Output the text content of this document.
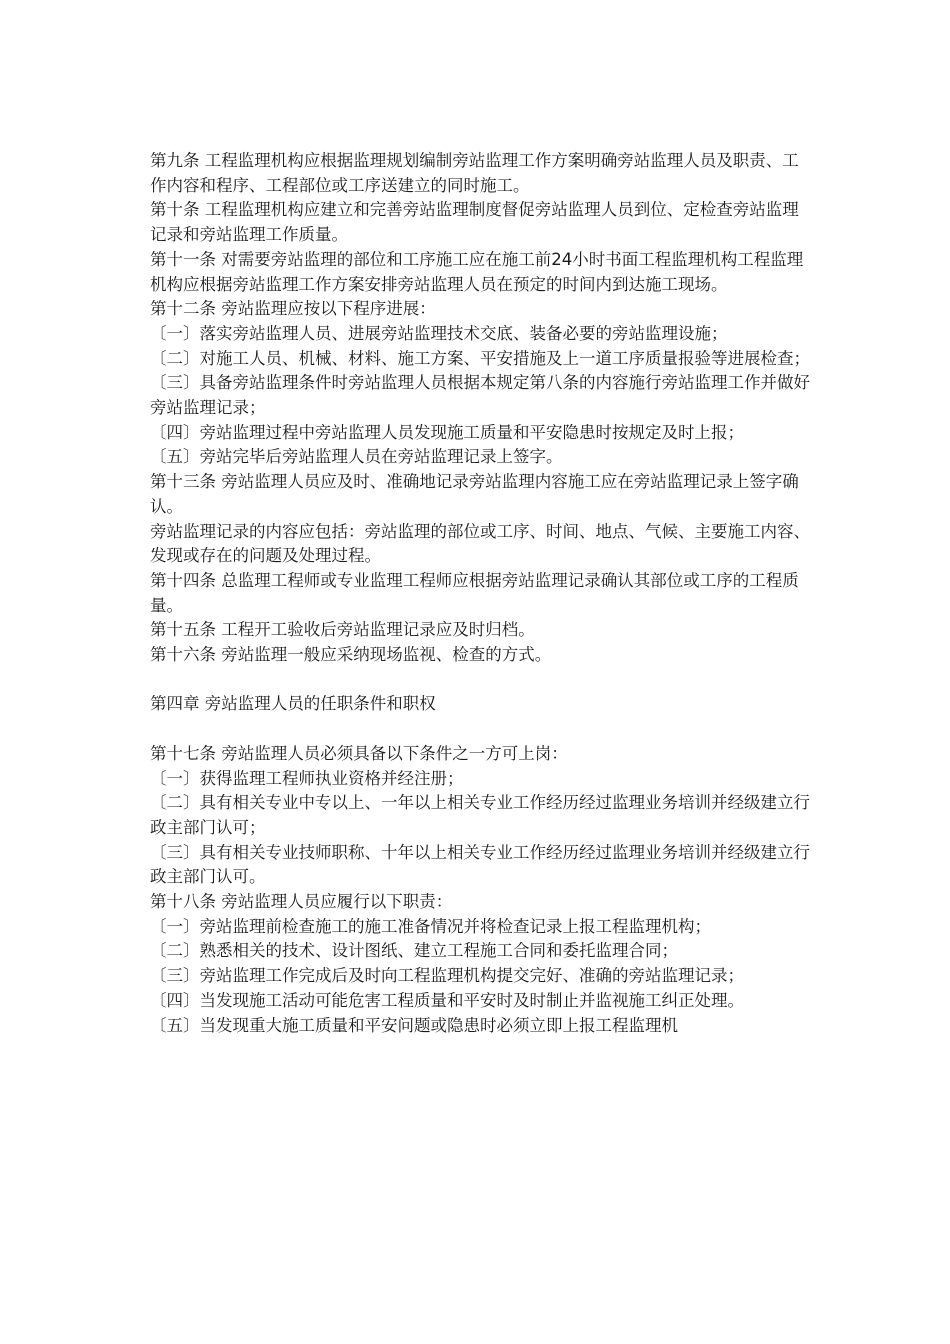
第九条 工程监理机构应根据监理规划编制旁站监理工作方案明确旁站监理人员及职责、工作内容和程序、工程部位或工序送建立的同时施工。

第十条 工程监理机构应建立和完善旁站监理制度督促旁站监理人员到位、定检查旁站监理记录和旁站监理工作质量。

第十一条 对需要旁站监理的部位和工序施工应在施工前24小时书面工程监理机构工程监理机构应根据旁站监理工作方案安排旁站监理人员在预定的时间内到达施工现场。

第十二条 旁站监理应按以下程序进展：

〔一〕落实旁站监理人员、进展旁站监理技术交底、装备必要的旁站监理设施；

〔二〕对施工人员、机械、材料、施工方案、平安措施及上一道工序质量报验等进展检查；

〔三〕具备旁站监理条件时旁站监理人员根据本规定第八条的内容施行旁站监理工作并做好旁站监理记录；

〔四〕旁站监理过程中旁站监理人员发现施工质量和平安隐患时按规定及时上报；

〔五〕旁站完毕后旁站监理人员在旁站监理记录上签字。

第十三条 旁站监理人员应及时、准确地记录旁站监理内容施工应在旁站监理记录上签字确认。

旁站监理记录的内容应包括：旁站监理的部位或工序、时间、地点、气候、主要施工内容、发现或存在的问题及处理过程。

第十四条 总监理工程师或专业监理工程师应根据旁站监理记录确认其部位或工序的工程质量。

第十五条 工程开工验收后旁站监理记录应及时归档。

第十六条 旁站监理一般应采纳现场监视、检查的方式。

第四章 旁站监理人员的任职条件和职权

第十七条 旁站监理人员必须具备以下条件之一方可上岗：

〔一〕获得监理工程师执业资格并经注册；

〔二〕具有相关专业中专以上、一年以上相关专业工作经历经过监理业务培训并经级建立行政主部门认可；

〔三〕具有相关专业技师职称、十年以上相关专业工作经历经过监理业务培训并经级建立行政主部门认可。

第十八条 旁站监理人员应履行以下职责：

〔一〕旁站监理前检查施工的施工准备情况并将检查记录上报工程监理机构；

〔二〕熟悉相关的技术、设计图纸、建立工程施工合同和委托监理合同；

〔三〕旁站监理工作完成后及时向工程监理机构提交完好、准确的旁站监理记录；

〔四〕当发现施工活动可能危害工程质量和平安时及时制止并监视施工纠正处理。

〔五〕当发现重大施工质量和平安问题或隐患时必须立即上报工程监理机
